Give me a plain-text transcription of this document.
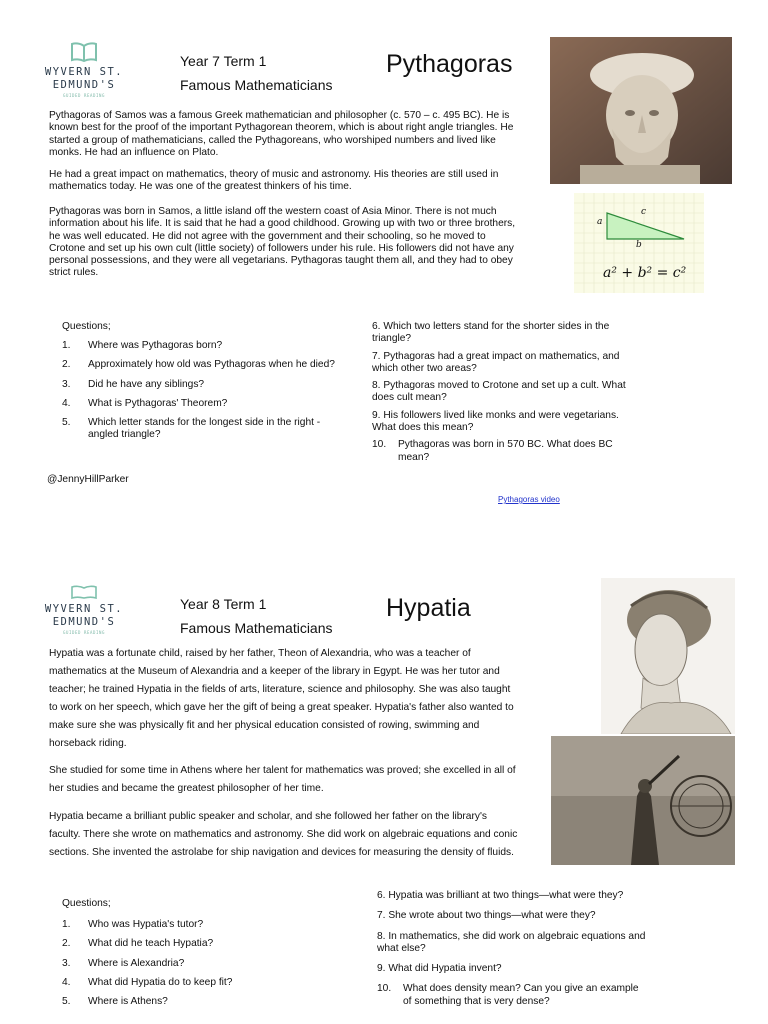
WYVERN ST.
EDMUND'S
GUIDED READING
Year 7 Term 1
Famous Mathematicians
Pythagoras

Pythagoras of Samos was a famous Greek mathematician and philosopher (c. 570 – c. 495 BC). He is known best for the proof of the important Pythagorean theorem, which is about right angle triangles. He started a group of mathematicians, called the Pythagoreans, who worshiped numbers and lived like monks. He had an influence on Plato.

He had a great impact on mathematics, theory of music and astronomy. His theories are still used in mathematics today. He was one of the greatest thinkers of his time.

Pythagoras was born in Samos, a little island off the western coast of Asia Minor. There is not much information about his life. It is said that he had a good childhood. Growing up with two or three brothers, he was well educated. He did not agree with the government and their schooling, so he moved to Crotone and set up his own cult (little society) of followers under his rule. His followers did not have any personal possessions, and they were all vegetarians. Pythagoras taught them all, and they had to obey strict rules.

a
c
b
a² + b² = c²
Questions;
1. Where was Pythagoras born?
2. Approximately how old was Pythagoras when he died?
3. Did he have any siblings?
4. What is Pythagoras' Theorem?
5. Which letter stands for the longest side in the right -angled triangle?
@JennyHillParker
6. Which two letters stand for the shorter sides in the triangle?
7. Pythagoras had a great impact on mathematics, and which other two areas?
8. Pythagoras moved to Crotone and set up a cult. What does cult mean?
9. His followers lived like monks and were vegetarians. What does this mean?
10. Pythagoras was born in 570 BC. What does BC mean?
Pythagoras video
WYVERN ST.
EDMUND'S
GUIDED READING
Year 8 Term 1
Famous Mathematicians
Hypatia

Hypatia was a fortunate child, raised by her father, Theon of Alexandria, who was a teacher of mathematics at the Museum of Alexandria and a keeper of the library in Egypt. He was her tutor and teacher; he trained Hypatia in the fields of arts, literature, science and philosophy. She was also taught to work on her speech, which gave her the gift of being a great speaker. Hypatia's father also wanted to make sure she was physically fit and her physical education consisted of rowing, swimming and horseback riding.

She studied for some time in Athens where her talent for mathematics was proved; she excelled in all of her studies and became the greatest philosopher of her time.

Hypatia became a brilliant public speaker and scholar, and she followed her father on the library's faculty. There she wrote on mathematics and astronomy. She did work on algebraic equations and conic sections. She invented the astrolabe for ship navigation and devices for measuring the density of fluids.

Questions;
1. Who was Hypatia's tutor?
2. What did he teach Hypatia?
3. Where is Alexandria?
4. What did Hypatia do to keep fit?
5. Where is Athens?
6. Hypatia was brilliant at two things—what were they?
7. She wrote about two things—what were they?
8. In mathematics, she did work on algebraic equations and what else?
9. What did Hypatia invent?
10. What does density mean? Can you give an example of something that is very dense?
